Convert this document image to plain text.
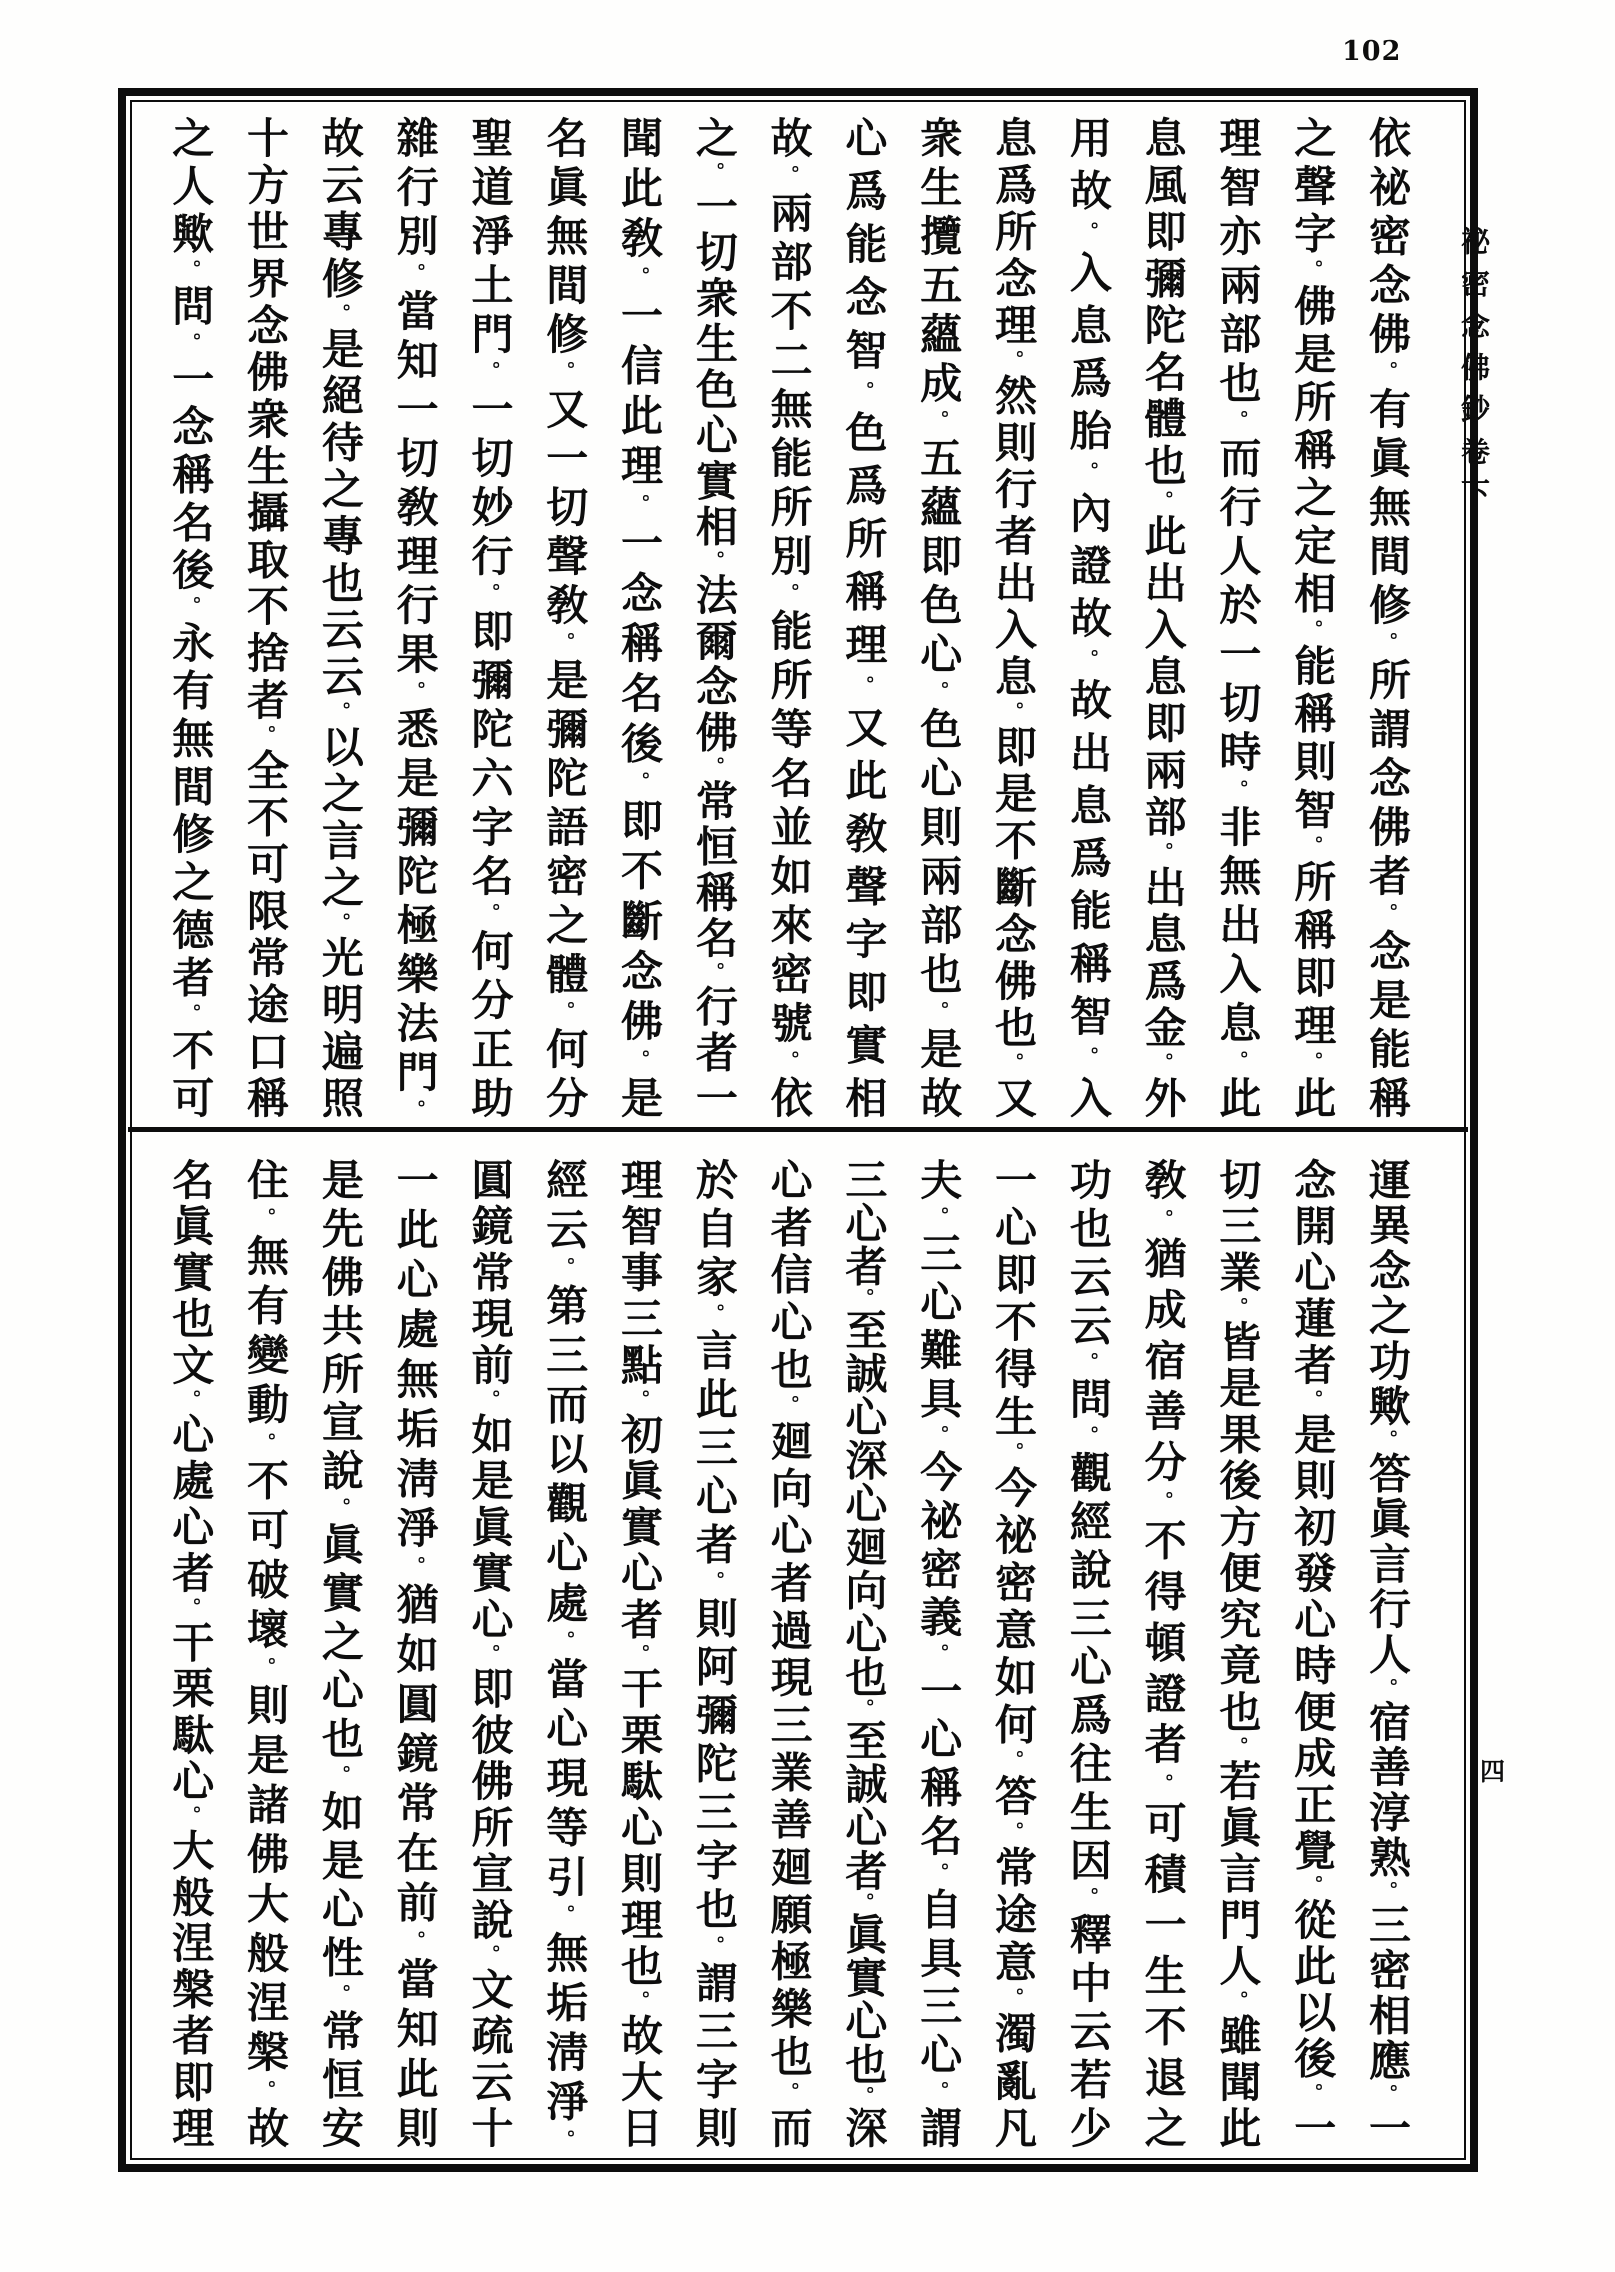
102
依祕密念佛。有眞無間修。所謂念佛者。念是能稱
之聲字。佛是所稱之定相。能稱則智。所稱即理。此
理智亦兩部也。而行人於一切時。非無出入息。此
息風即彌陀名體也。此出入息即兩部。出息爲金。外
用故。入息爲胎。內證故。故出息爲能稱智。入
息爲所念理。然則行者出入息。即是不斷念佛也。又
衆生攬五蘊成。五蘊即色心。色心則兩部也。是故
心爲能念智。色爲所稱理。又此敎聲字即實相
故。兩部不二無能所別。能所等名並如來密號。依
之。一切衆生色心實相。法爾念佛。常恒稱名。行者一
聞此敎。一信此理。一念稱名後。即不斷念佛。是
名眞無間修。又一切聲敎。是彌陀語密之體。何分
聖道淨土門。一切妙行。即彌陀六字名。何分正助
雜行別。當知一切敎理行果。悉是彌陀極樂法門。
故云專修。是絕待之專也云云。以之言之。光明遍照
十方世界念佛衆生攝取不捨者。全不可限常途口稱
之人歟。問。一念稱名後。永有無間修之德者。不可
運異念之功歟。答眞言行人。宿善淳熟。三密相應。一
念開心蓮者。是則初發心時便成正覺。從此以後。一
切三業。皆是果後方便究竟也。若眞言門人。雖聞此
敎。猶成宿善分。不得頓證者。可積一生不退之
功也云云。問。觀經說三心爲往生因。釋中云若少
一心即不得生。今祕密意如何。答。常途意。濁亂凡
夫。三心難具。今祕密義。一心稱名。自具三心。謂
三心者。至誠心深心廻向心也。至誠心者。眞實心也。深
心者信心也。廻向心者過現三業善廻願極樂也。而
於自家。言此三心者。則阿彌陀三字也。謂三字則
理智事三點。初眞實心者。干栗駄心則理也。故大日
經云。第三而以觀心處。當心現等引。無垢淸淨。
圓鏡常現前。如是眞實心。即彼佛所宣說。文疏云十
一此心處無垢淸淨。猶如圓鏡常在前。當知此則
是先佛共所宣說。眞實之心也。如是心性。常恒安
住。無有變動。不可破壞。則是諸佛大般涅槃。故
名眞實也文。心處心者。干栗駄心。大般涅槃者即理
祕密念佛鈔卷下
四
